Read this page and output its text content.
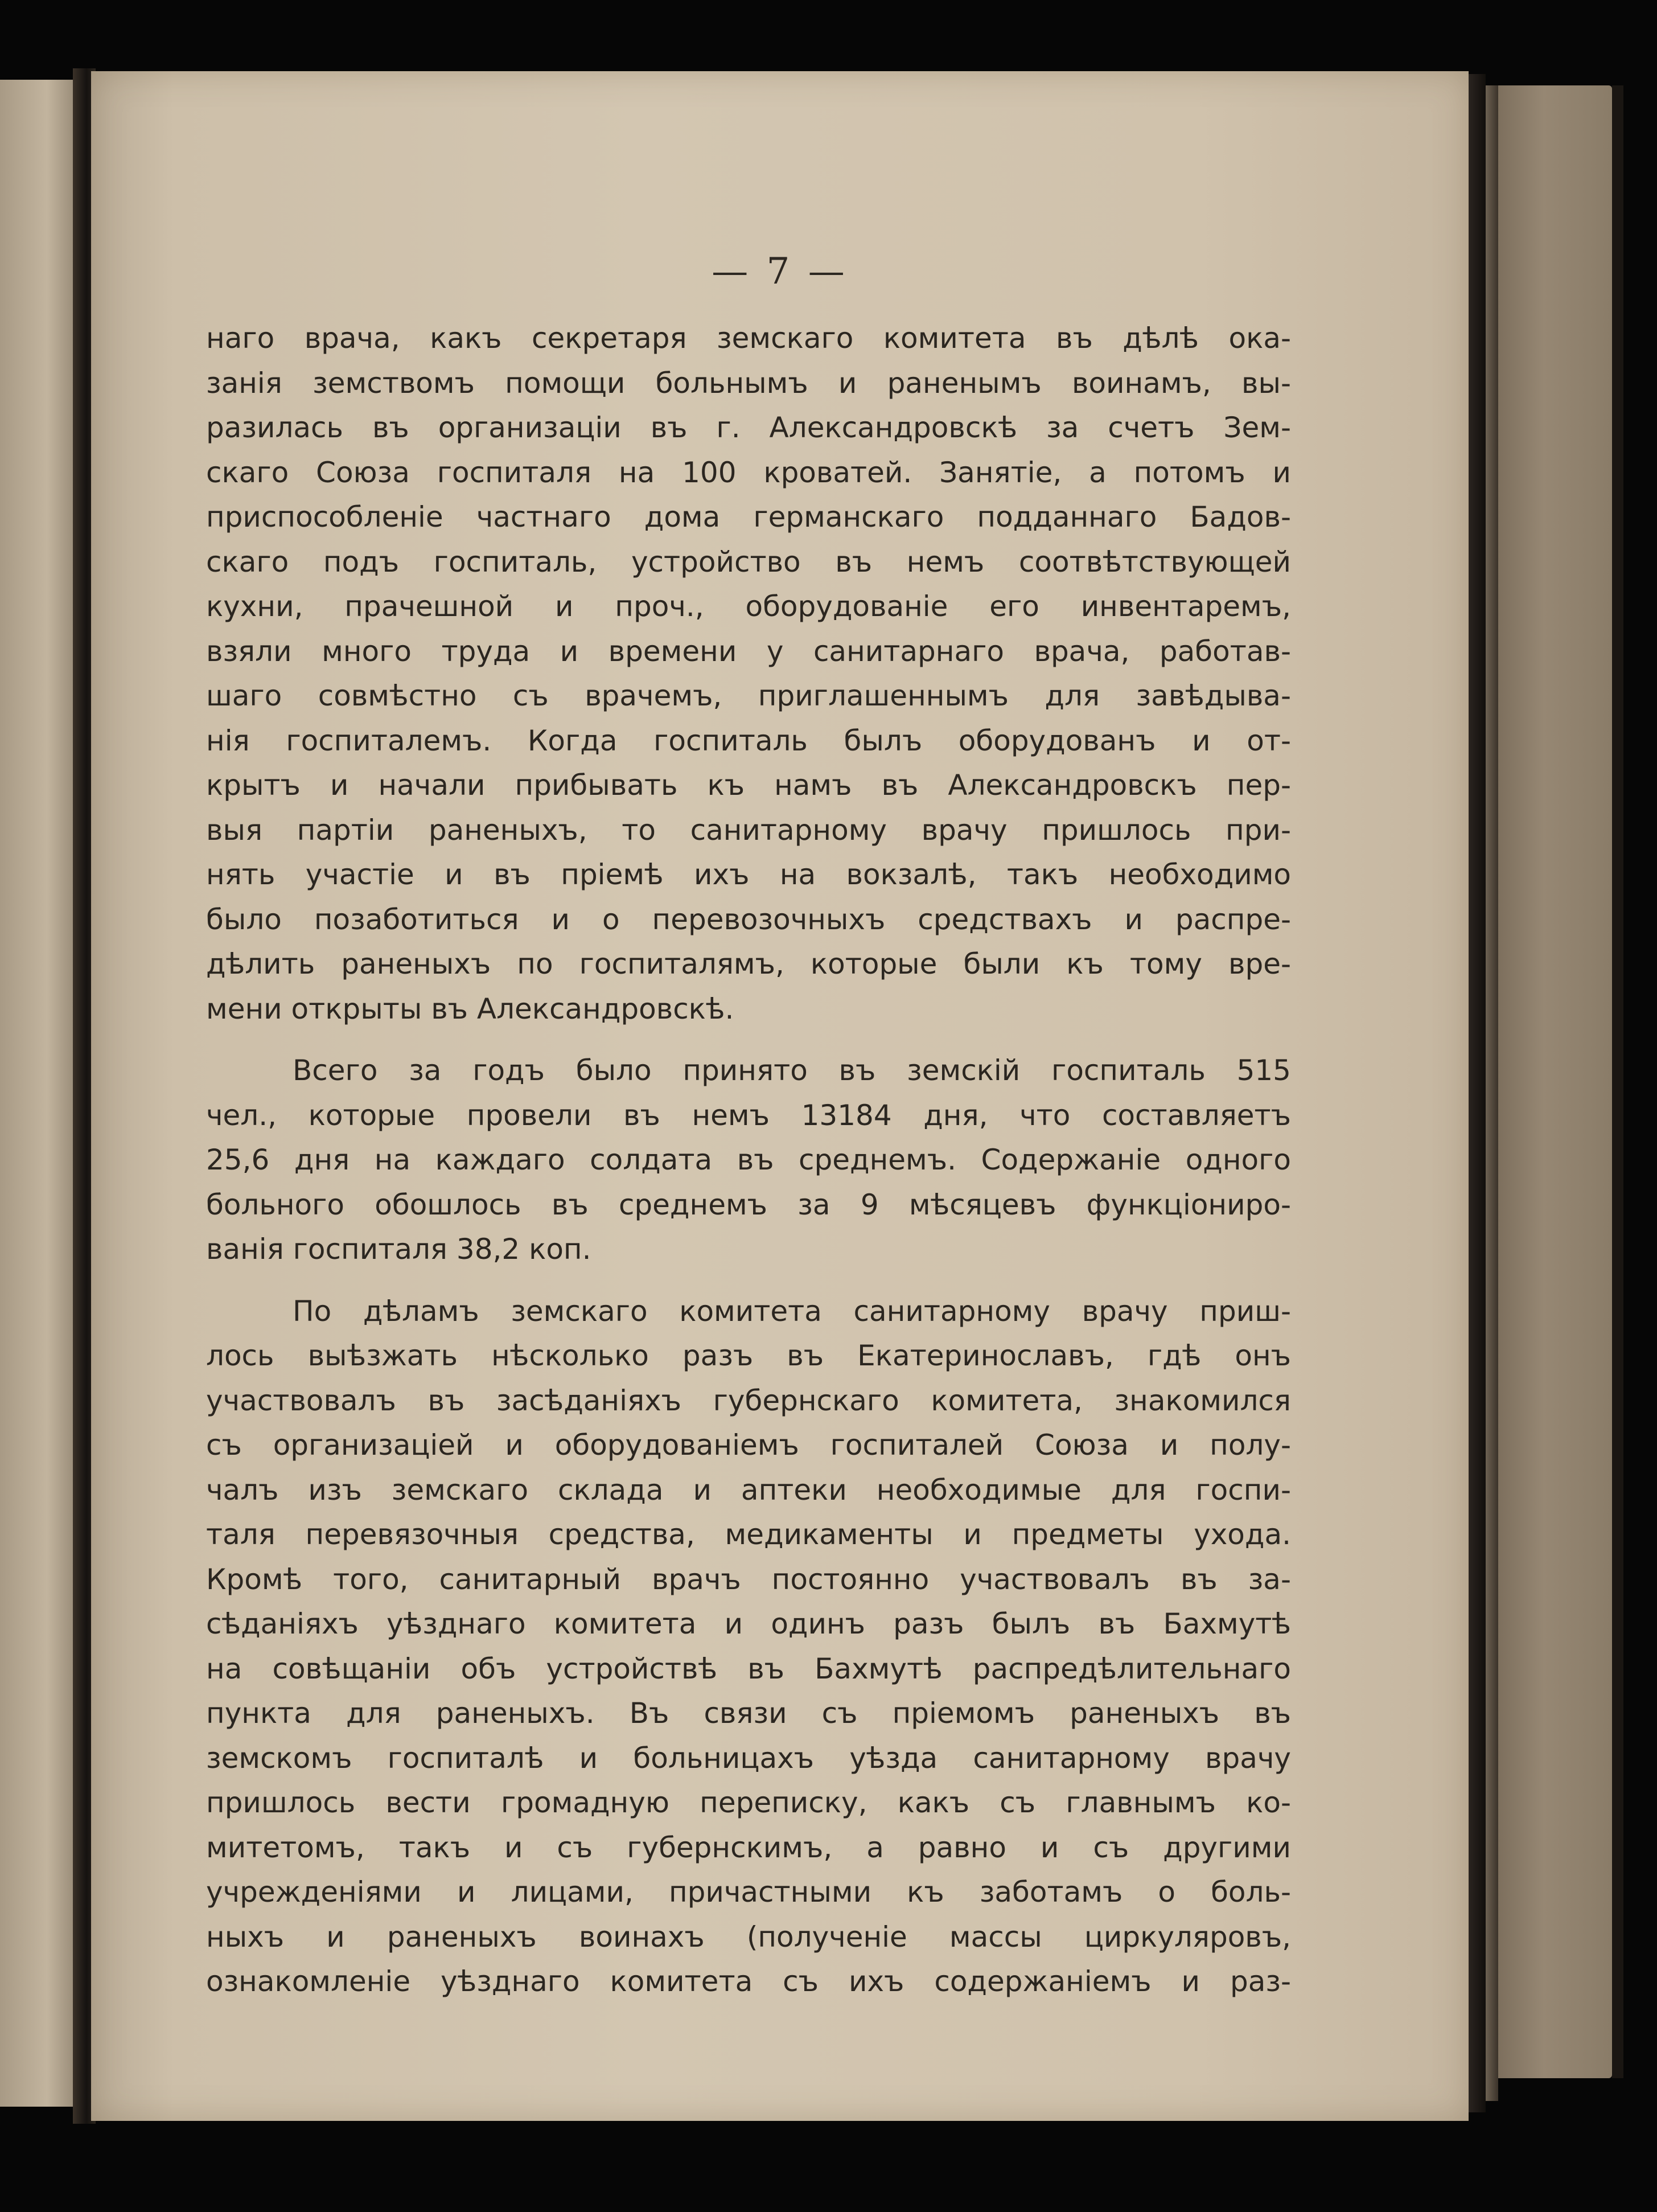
— 7 —
наго врача, какъ секретаря земскаго комитета въ дѣлѣ ока-
занія земствомъ помощи больнымъ и раненымъ воинамъ, вы-
разилась въ организаціи въ г. Александровскѣ за счетъ Зем-
скаго Союза госпиталя на 100 кроватей. Занятіе, а потомъ и
приспособленіе частнаго дома германскаго подданнаго Бадов-
скаго подъ госпиталь, устройство въ немъ соотвѣтствующей
кухни, прачешной и проч., оборудованіе его инвентаремъ,
взяли много труда и времени у санитарнаго врача, работав-
шаго совмѣстно съ врачемъ, приглашеннымъ для завѣдыва-
нія госпиталемъ. Когда госпиталь былъ оборудованъ и от-
крытъ и начали прибывать къ намъ въ Александровскъ пер-
выя партіи раненыхъ, то санитарному врачу пришлось при-
нять участіе и въ пріемѣ ихъ на вокзалѣ, такъ необходимо
было позаботиться и о перевозочныхъ средствахъ и распре-
дѣлить раненыхъ по госпиталямъ, которые были къ тому вре-
мени открыты въ Александровскѣ.
Всего за годъ было принято въ земскій госпиталь 515
чел., которые провели въ немъ 13184 дня, что составляетъ
25,6 дня на каждаго солдата въ среднемъ. Содержаніе одного
больного обошлось въ среднемъ за 9 мѣсяцевъ функціониро-
ванія госпиталя 38,2 коп.
По дѣламъ земскаго комитета санитарному врачу приш-
лось выѣзжать нѣсколько разъ въ Екатеринославъ, гдѣ онъ
участвовалъ въ засѣданіяхъ губернскаго комитета, знакомился
съ организаціей и оборудованіемъ госпиталей Союза и полу-
чалъ изъ земскаго склада и аптеки необходимые для госпи-
таля перевязочныя средства, медикаменты и предметы ухода.
Кромѣ того, санитарный врачъ постоянно участвовалъ въ за-
сѣданіяхъ уѣзднаго комитета и одинъ разъ былъ въ Бахмутѣ
на совѣщаніи объ устройствѣ въ Бахмутѣ распредѣлительнаго
пункта для раненыхъ. Въ связи съ пріемомъ раненыхъ въ
земскомъ госпиталѣ и больницахъ уѣзда санитарному врачу
пришлось вести громадную переписку, какъ съ главнымъ ко-
митетомъ, такъ и съ губернскимъ, а равно и съ другими
учрежденіями и лицами, причастными къ заботамъ о боль-
ныхъ и раненыхъ воинахъ (полученіе массы циркуляровъ,
ознакомленіе уѣзднаго комитета съ ихъ содержаніемъ и раз-
